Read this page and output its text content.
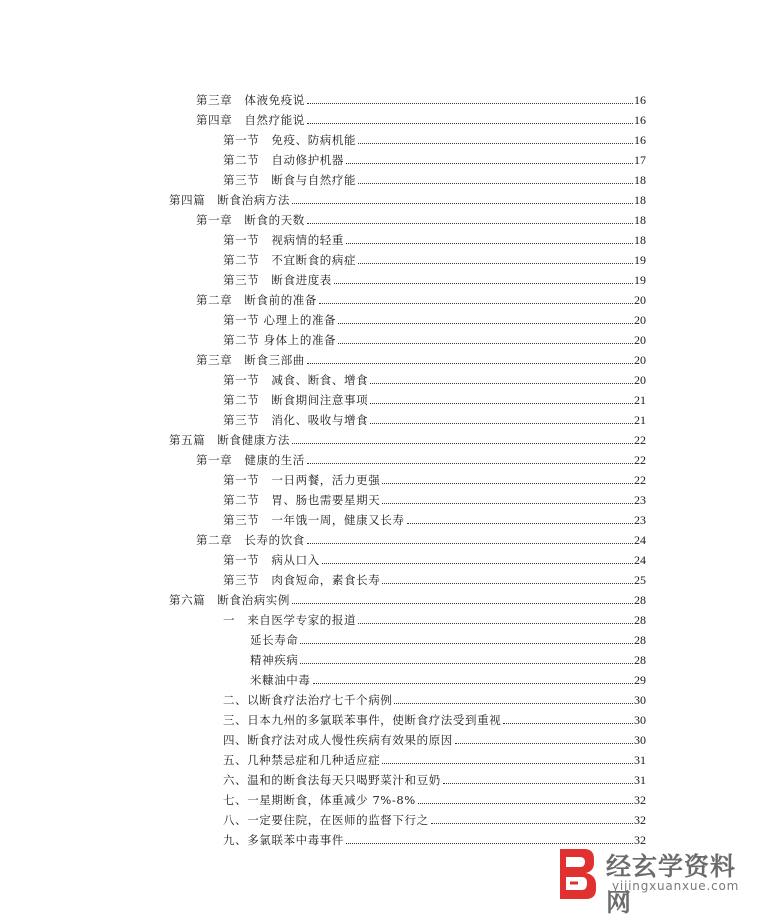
第三章　体液免疫说	16
第四章　自然疗能说	16
第一节　免疫、防病机能	16
第二节　自动修护机器	17
第三节　断食与自然疗能	18
第四篇　断食治病方法	18
第一章　断食的天数	18
第一节　视病情的轻重	18
第二节　不宜断食的病症	19
第三节　断食进度表	19
第二章　断食前的准备	20
第一节 心理上的准备	20
第二节 身体上的准备	20
第三章　断食三部曲	20
第一节　减食、断食、增食	20
第二节　断食期间注意事项	21
第三节　消化、吸收与增食	21
第五篇　断食健康方法	22
第一章　健康的生活	22
第一节　一日两餐，活力更强	22
第二节　胃、肠也需要星期天	23
第三节　一年饿一周，健康又长寿	23
第二章　长寿的饮食	24
第一节　病从口入	24
第三节　肉食短命，素食长寿	25
第六篇　断食治病实例	28
一　来自医学专家的报道	28
延长寿命	28
精神疾病	28
米糠油中毒	29
二、以断食疗法治疗七千个病例	30
三、日本九州的多氯联苯事件，使断食疗法受到重视	30
四、断食疗法对成人慢性疾病有效果的原因	30
五、几种禁忌症和几种适应症	31
六、温和的断食法每天只喝野菜汁和豆奶	31
七、一星期断食，体重减少 7%-8%	32
八、一定要住院，在医师的监督下行之	32
九、多氯联苯中毒事件	32
经玄学资料网
yijingxuanxue.com
